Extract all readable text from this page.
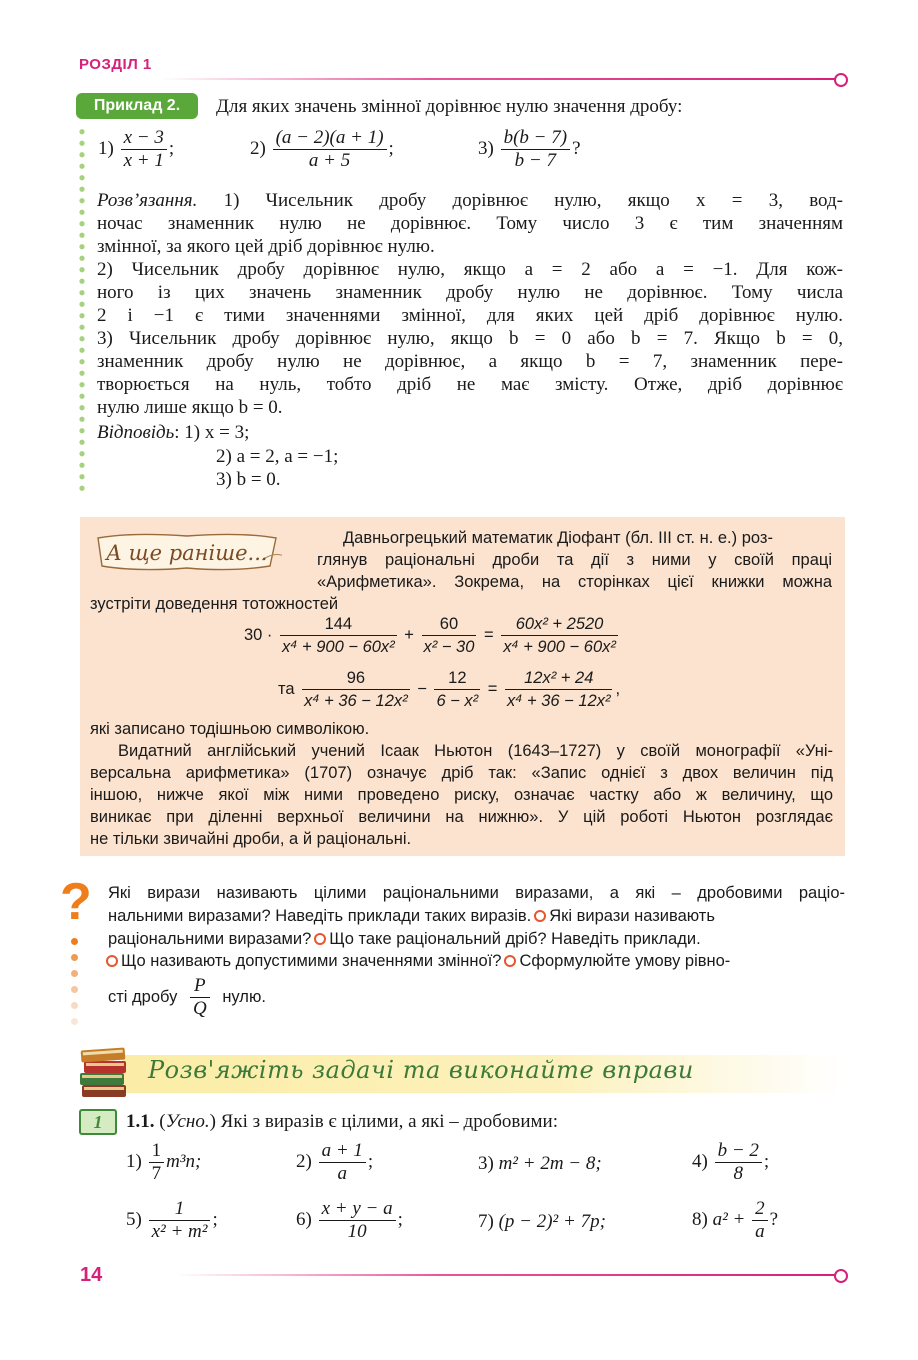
РОЗДІЛ 1
Приклад 2.	Для яких значень змінної дорівнює нулю значення дробу:
$1) \frac{x - 3}{x + 1}$ ;	$2) \frac{(a - 2)(a + 1)}{a + 5}$ ;	$3) \frac{b(b - 7)}{b - 7}$ ?
Розв’язання. 1) Чисельник дробу дорівнює нулю, якщо x = 3, вод-
ночас знаменник нулю не дорівнює. Тому число 3 є тим значенням
змінної, за якого цей дріб дорівнює нулю.
2) Чисельник дробу дорівнює нулю, якщо a = 2 або a = −1. Для кож-
ного із цих значень знаменник дробу нулю не дорівнює. Тому числа
2 і −1 є тими значеннями змінної, для яких цей дріб дорівнює нулю.
3) Чисельник дробу дорівнює нулю, якщо b = 0 або b = 7. Якщо b = 0,
знаменник дробу нулю не дорівнює, а якщо b = 7, знаменник пере-
творюється на нуль, тобто дріб не має змісту. Отже, дріб дорівнює
нулю лише якщо b = 0.
Відповідь: 1) x = 3;
2) a = 2, a = −1;
3) b = 0.
А ще раніше...
Давньогрецький математик Діофант (бл. III ст. н. е.) роз-
глянув раціональні дроби та дії з ними у своїй праці
«Арифметика». Зокрема, на сторінках цієї книжки можна
зустріти доведення тотожностей
$30 \cdot \frac{144}{\text{x⁴ + 900 − 60x²}} + \frac{60}{\text{x² − 30}} = \frac{\text{60x² + 2520}}{\text{x⁴ + 900 − 60x²}}$
та $\frac{96}{\text{x⁴ + 36 − 12x²}} - \frac{12}{\text{6 − x²}} = \frac{\text{12x² + 24}}{\text{x⁴ + 36 − 12x²}}$ ,
які записано тодішньою символікою.
Видатний англійський учений Ісаак Ньютон (1643–1727) у своїй монографії «Уні-
версальна арифметика» (1707) означує дріб так: «Запис однієї з двох величин під
іншою, нижче якої між ними проведено риску, означає частку або ж величину, що
виникає при діленні верхньої величини на нижню». У цій роботі Ньютон розглядає
не тільки звичайні дроби, а й раціональні.
? Які вирази називають цілими раціональними виразами, а які – дробовими раціо-
нальними виразами? Наведіть приклади таких виразів. Які вирази називають
раціональними виразами? Що таке раціональний дріб? Наведіть приклади.
Що називають допустимими значеннями змінної? Сформулюйте умову рівно-
сті дробу $\frac{P}{Q}$ нулю.
Розв'яжіть задачі та виконайте вправи
1	1.1. (Усно.) Які з виразів є цілими, а які – дробовими:
$1) \frac{1}{7} m^3n$;	$2) \frac{a + 1}{a}$ ;	3) m² + 2m − 8;	$4) \frac{b - 2}{8}$ ;
$5) \frac{1}{\text{x² + m²}}$ ;	$6) \frac{x + y - a}{10}$ ;	7) (p − 2)² + 7p;	8) $a^2 + \frac{2}{a}$ ?
14
